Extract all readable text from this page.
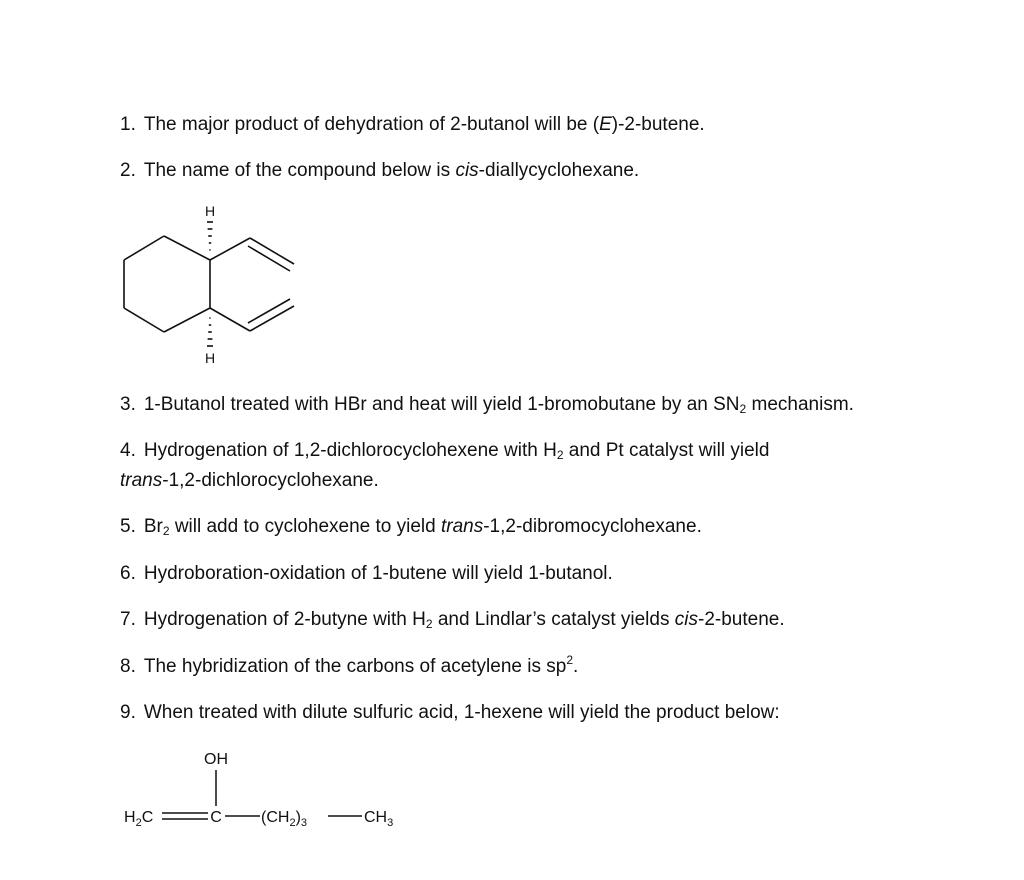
1. The major product of dehydration of 2-butanol will be (E)-2-butene.
2. The name of the compound below is cis-diallycyclohexane.
H
H
3. 1-Butanol treated with HBr and heat will yield 1-bromobutane by an $SN_2$ mechanism.
4. Hydrogenation of 1,2-dichlorocyclohexene with $H_2$ and Pt catalyst will yield
trans-1,2-dichlorocyclohexane.
5. $Br_2$ will add to cyclohexene to yield trans-1,2-dibromocyclohexane.
6. Hydroboration-oxidation of 1-butene will yield 1-butanol.
7. Hydrogenation of 2-butyne with $H_2$ and Lindlar’s catalyst yields cis-2-butene.
8. The hybridization of the carbons of acetylene is $sp^2$.
9. When treated with dilute sulfuric acid, 1-hexene will yield the product below:
OH
$H_2C$	C $(CH_2)_3$	$CH_3$
